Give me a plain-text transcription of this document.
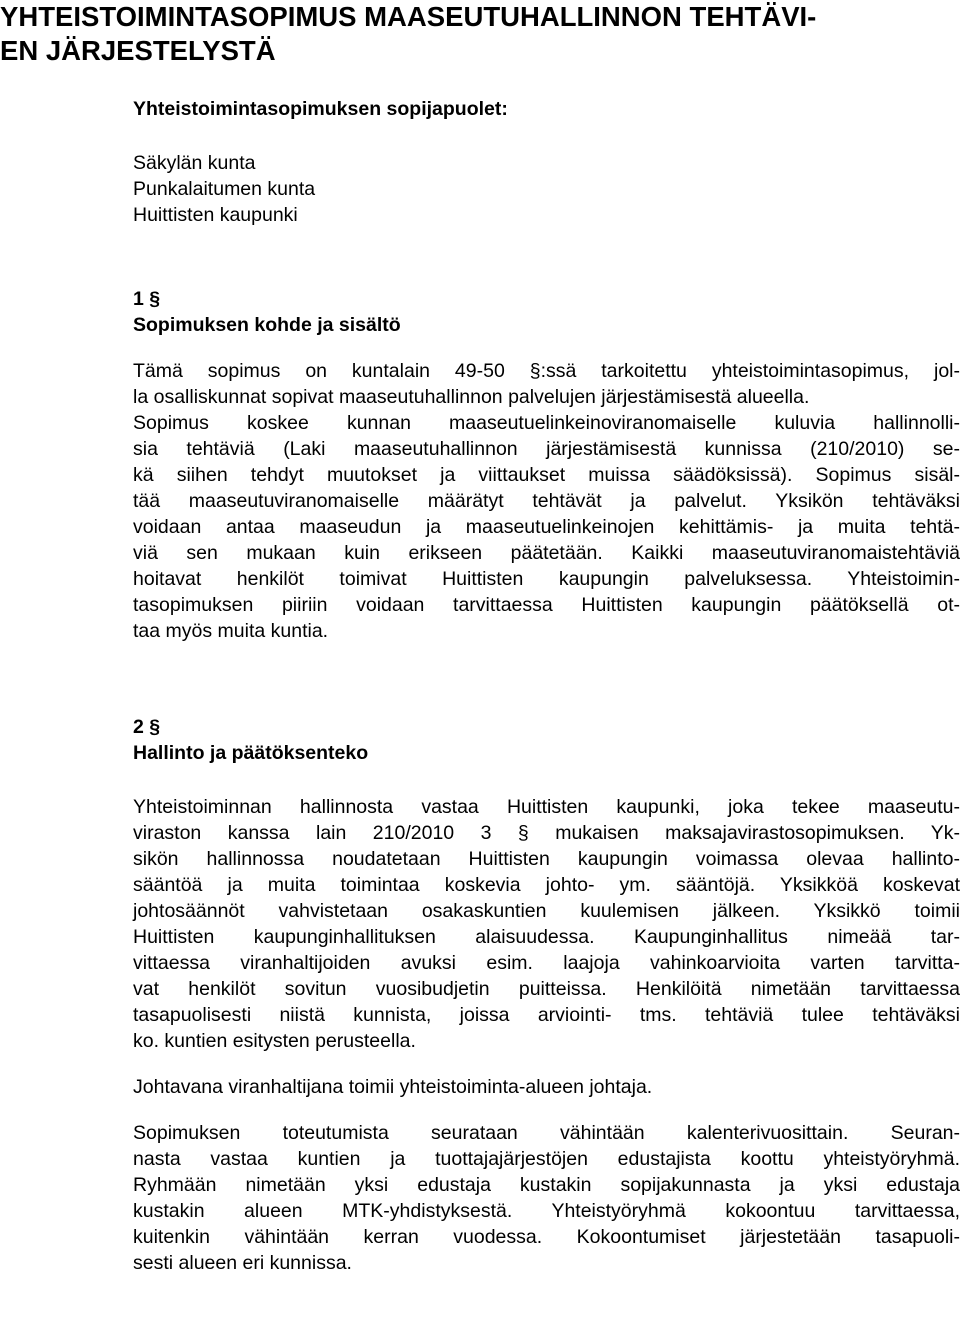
YHTEISTOIMINTASOPIMUS MAASEUTUHALLINNON TEHTÄVI-
EN JÄRJESTELYSTÄ

Yhteistoimintasopimuksen sopijapuolet:

Säkylän kunta
Punkalaitumen kunta
Huittisten kaupunki

1 §

Sopimuksen kohde ja sisältö

Tämä sopimus on kuntalain 49-50 §:ssä tarkoitettu yhteistoimintasopimus, jol-
la osalliskunnat sopivat maaseutuhallinnon palvelujen järjestämisestä alueella.
Sopimus koskee kunnan maaseutuelinkeinoviranomaiselle kuluvia hallinnolli-
sia tehtäviä (Laki maaseutuhallinnon järjestämisestä kunnissa (210/2010) se-
kä siihen tehdyt muutokset ja viittaukset muissa säädöksissä). Sopimus sisäl-
tää maaseutuviranomaiselle määrätyt tehtävät ja palvelut. Yksikön tehtäväksi
voidaan antaa maaseudun ja maaseutuelinkeinojen kehittämis- ja muita tehtä-
viä sen mukaan kuin erikseen päätetään. Kaikki maaseutuviranomaistehtäviä
hoitavat henkilöt toimivat Huittisten kaupungin palveluksessa. Yhteistoimin-
tasopimuksen piiriin voidaan tarvittaessa Huittisten kaupungin päätöksellä ot-
taa myös muita kuntia.

2 §

Hallinto ja päätöksenteko

Yhteistoiminnan hallinnosta vastaa Huittisten kaupunki, joka tekee maaseutu-
viraston kanssa lain 210/2010 3 § mukaisen maksajavirastosopimuksen. Yk-
sikön hallinnossa noudatetaan Huittisten kaupungin voimassa olevaa hallinto-
sääntöä ja muita toimintaa koskevia johto- ym. sääntöjä. Yksikköä koskevat
johtosäännöt vahvistetaan osakaskuntien kuulemisen jälkeen. Yksikkö toimii
Huittisten kaupunginhallituksen alaisuudessa. Kaupunginhallitus nimeää tar-
vittaessa viranhaltijoiden avuksi esim. laajoja vahinkoarvioita varten tarvitta-
vat henkilöt sovitun vuosibudjetin puitteissa. Henkilöitä nimetään tarvittaessa
tasapuolisesti niistä kunnista, joissa arviointi- tms. tehtäviä tulee tehtäväksi
ko. kuntien esitysten perusteella.

Johtavana viranhaltijana toimii yhteistoiminta-alueen johtaja.

Sopimuksen toteutumista seurataan vähintään kalenterivuosittain. Seuran-
nasta vastaa kuntien ja tuottajajärjestöjen edustajista koottu yhteistyöryhmä.
Ryhmään nimetään yksi edustaja kustakin sopijakunnasta ja yksi edustaja
kustakin alueen MTK-yhdistyksestä. Yhteistyöryhmä kokoontuu tarvittaessa,
kuitenkin vähintään kerran vuodessa. Kokoontumiset järjestetään tasapuoli-
sesti alueen eri kunnissa.
